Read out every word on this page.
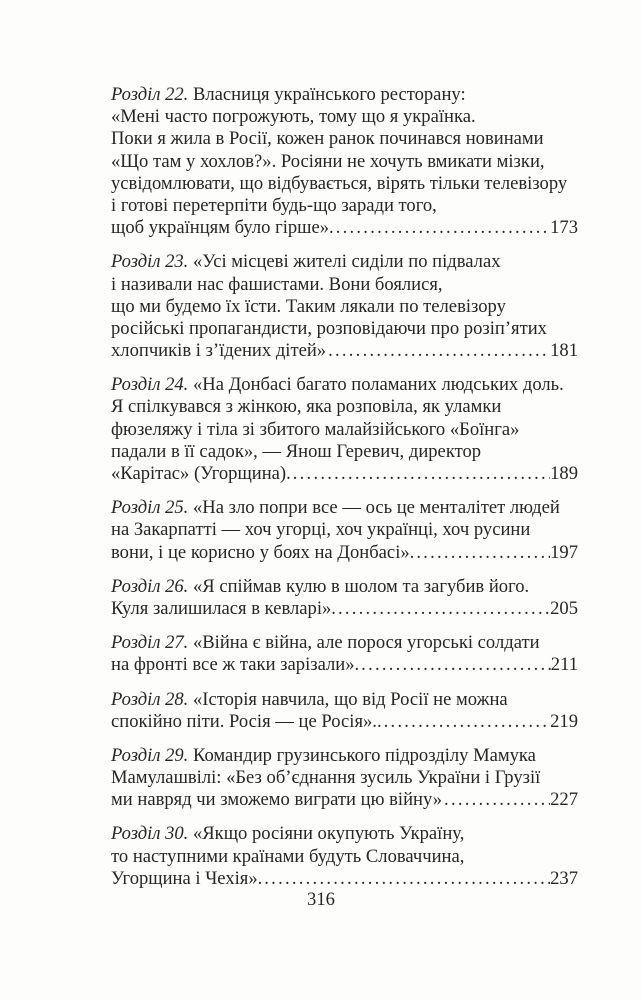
Розділ 22. Власниця українського ресторану:
«Мені часто погрожують, тому що я українка.
Поки я жила в Росії, кожен ранок починався новинами
«Що там у хохлов?». Росіяни не хочуть вмикати мізки,
усвідомлювати, що відбувається, вірять тільки телевізору
і готові перетерпіти будь-що заради того,
щоб українцям було гірше». . . .	173
Розділ 23. «Усі місцеві жителі сиділи по підвалах
і називали нас фашистами. Вони боялися,
що ми будемо їх їсти. Таким лякали по телевізору
російські пропагандисти, розповідаючи про розіп’ятих
хлопчиків і з’їдених дітей» . . .	181
Розділ 24. «На Донбасі багато поламаних людських доль.
Я спілкувався з жінкою, яка розповіла, як уламки
фюзеляжу і тіла зі збитого малайзійського «Боїнга»
падали в її садок», — Янош Геревич, директор
«Карітас» (Угорщина). . . .	189
Розділ 25. «На зло попри все — ось це менталітет людей
на Закарпатті — хоч угорці, хоч українці, хоч русини
вони, і це корисно у боях на Донбасі». . . .	197
Розділ 26. «Я спіймав кулю в шолом та загубив його.
Куля залишилася в кевларі». . . .	205
Розділ 27. «Війна є війна, але порося угорські солдати
на фронті все ж таки зарізали». . . .	211
Розділ 28. «Історія навчила, що від Росії не можна
спокійно піти. Росія — це Росія».. . . .	219
Розділ 29. Командир грузинського підрозділу Мамука
Мамулашвілі: «Без об’єднання зусиль України і Грузії
ми навряд чи зможемо виграти цю війну» . . .	227
Розділ 30. «Якщо росіяни окупують Україну,
то наступними країнами будуть Словаччина,
Угорщина і Чехія». . . .	237
316
